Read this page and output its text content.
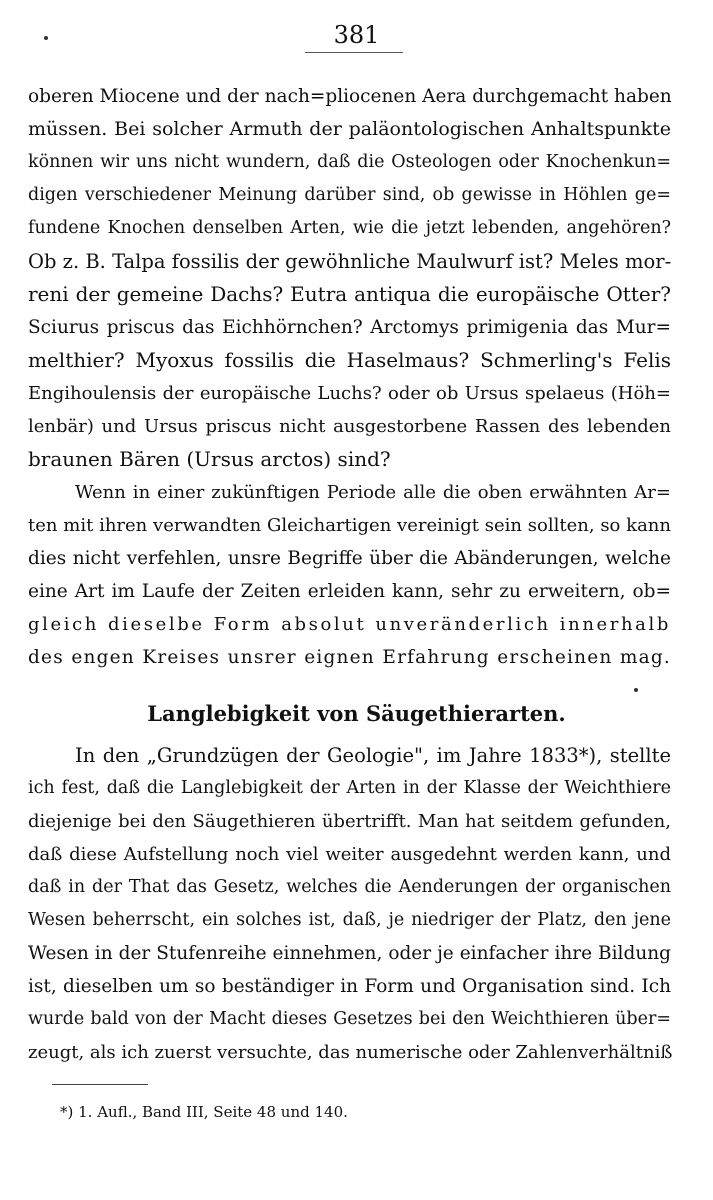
381
oberen Miocene und der nach=pliocenen Aera durchgemacht haben
müssen. Bei solcher Armuth der paläontologischen Anhaltspunkte
können wir uns nicht wundern, daß die Osteologen oder Knochenkun=
digen verschiedener Meinung darüber sind, ob gewisse in Höhlen ge=
fundene Knochen denselben Arten, wie die jetzt lebenden, angehören?
Ob z. B. Talpa fossilis der gewöhnliche Maulwurf ist? Meles mor-
reni der gemeine Dachs? Eutra antiqua die europäische Otter?
Sciurus priscus das Eichhörnchen? Arctomys primigenia das Mur=
melthier? Myoxus fossilis die Haselmaus? Schmerling's Felis
Engihoulensis der europäische Luchs? oder ob Ursus spelaeus (Höh=
lenbär) und Ursus priscus nicht ausgestorbene Rassen des lebenden
braunen Bären (Ursus arctos) sind?
Wenn in einer zukünftigen Periode alle die oben erwähnten Ar=
ten mit ihren verwandten Gleichartigen vereinigt sein sollten, so kann
dies nicht verfehlen, unsre Begriffe über die Abänderungen, welche
eine Art im Laufe der Zeiten erleiden kann, sehr zu erweitern, ob=
gleich dieselbe Form absolut unveränderlich innerhalb
des engen Kreises unsrer eignen Erfahrung erscheinen mag.
Langlebigkeit von Säugethierarten.
In den „Grundzügen der Geologie", im Jahre 1833*), stellte
ich fest, daß die Langlebigkeit der Arten in der Klasse der Weichthiere
diejenige bei den Säugethieren übertrifft. Man hat seitdem gefunden,
daß diese Aufstellung noch viel weiter ausgedehnt werden kann, und
daß in der That das Gesetz, welches die Aenderungen der organischen
Wesen beherrscht, ein solches ist, daß, je niedriger der Platz, den jene
Wesen in der Stufenreihe einnehmen, oder je einfacher ihre Bildung
ist, dieselben um so beständiger in Form und Organisation sind. Ich
wurde bald von der Macht dieses Gesetzes bei den Weichthieren über=
zeugt, als ich zuerst versuchte, das numerische oder Zahlenverhältniß
*) 1. Aufl., Band III, Seite 48 und 140.
